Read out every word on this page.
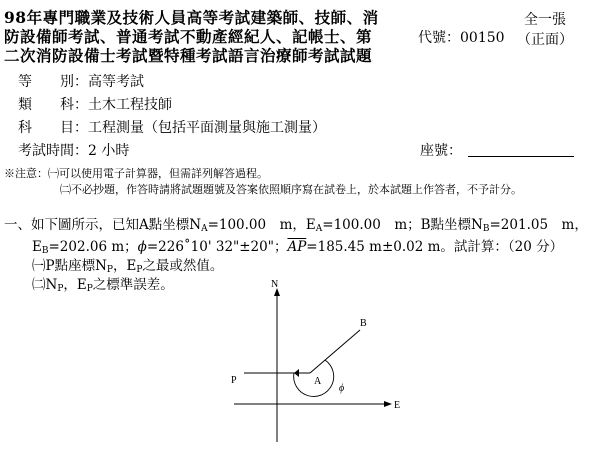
98年專門職業及技術人員高等考試建築師、技師、消
防設備師考試、普通考試不動產經紀人、記帳士、第
二次消防設備士考試暨特種考試語言治療師考試試題
代號：00150
全一張
（正面）
等　　別：高等考試
類　　科：土木工程技師
科　　目：工程測量（包括平面測量與施工測量）
考試時間：2 小時	座號：
※注意：㈠可以使用電子計算器，但需詳列解答過程。
㈡不必抄題，作答時請將試題題號及答案依照順序寫在試卷上，於本試題上作答者，不予計分。
一、如下圖所示，已知A點坐標$N_A=100.00$　m，$E_A=100.00$　m；B點坐標$N_B=201.05$　m，
$E_B=202.06$ m；ϕ=226˚10' 32"±20"；$\overline{AP}=185.45$ m±0.02 m。試計算：（20 分）
㈠P點座標$N_P$，$E_P$之最或然值。
$㈡N_P$，$E_P$之標準誤差。	N
E
A
B
P
ϕ
